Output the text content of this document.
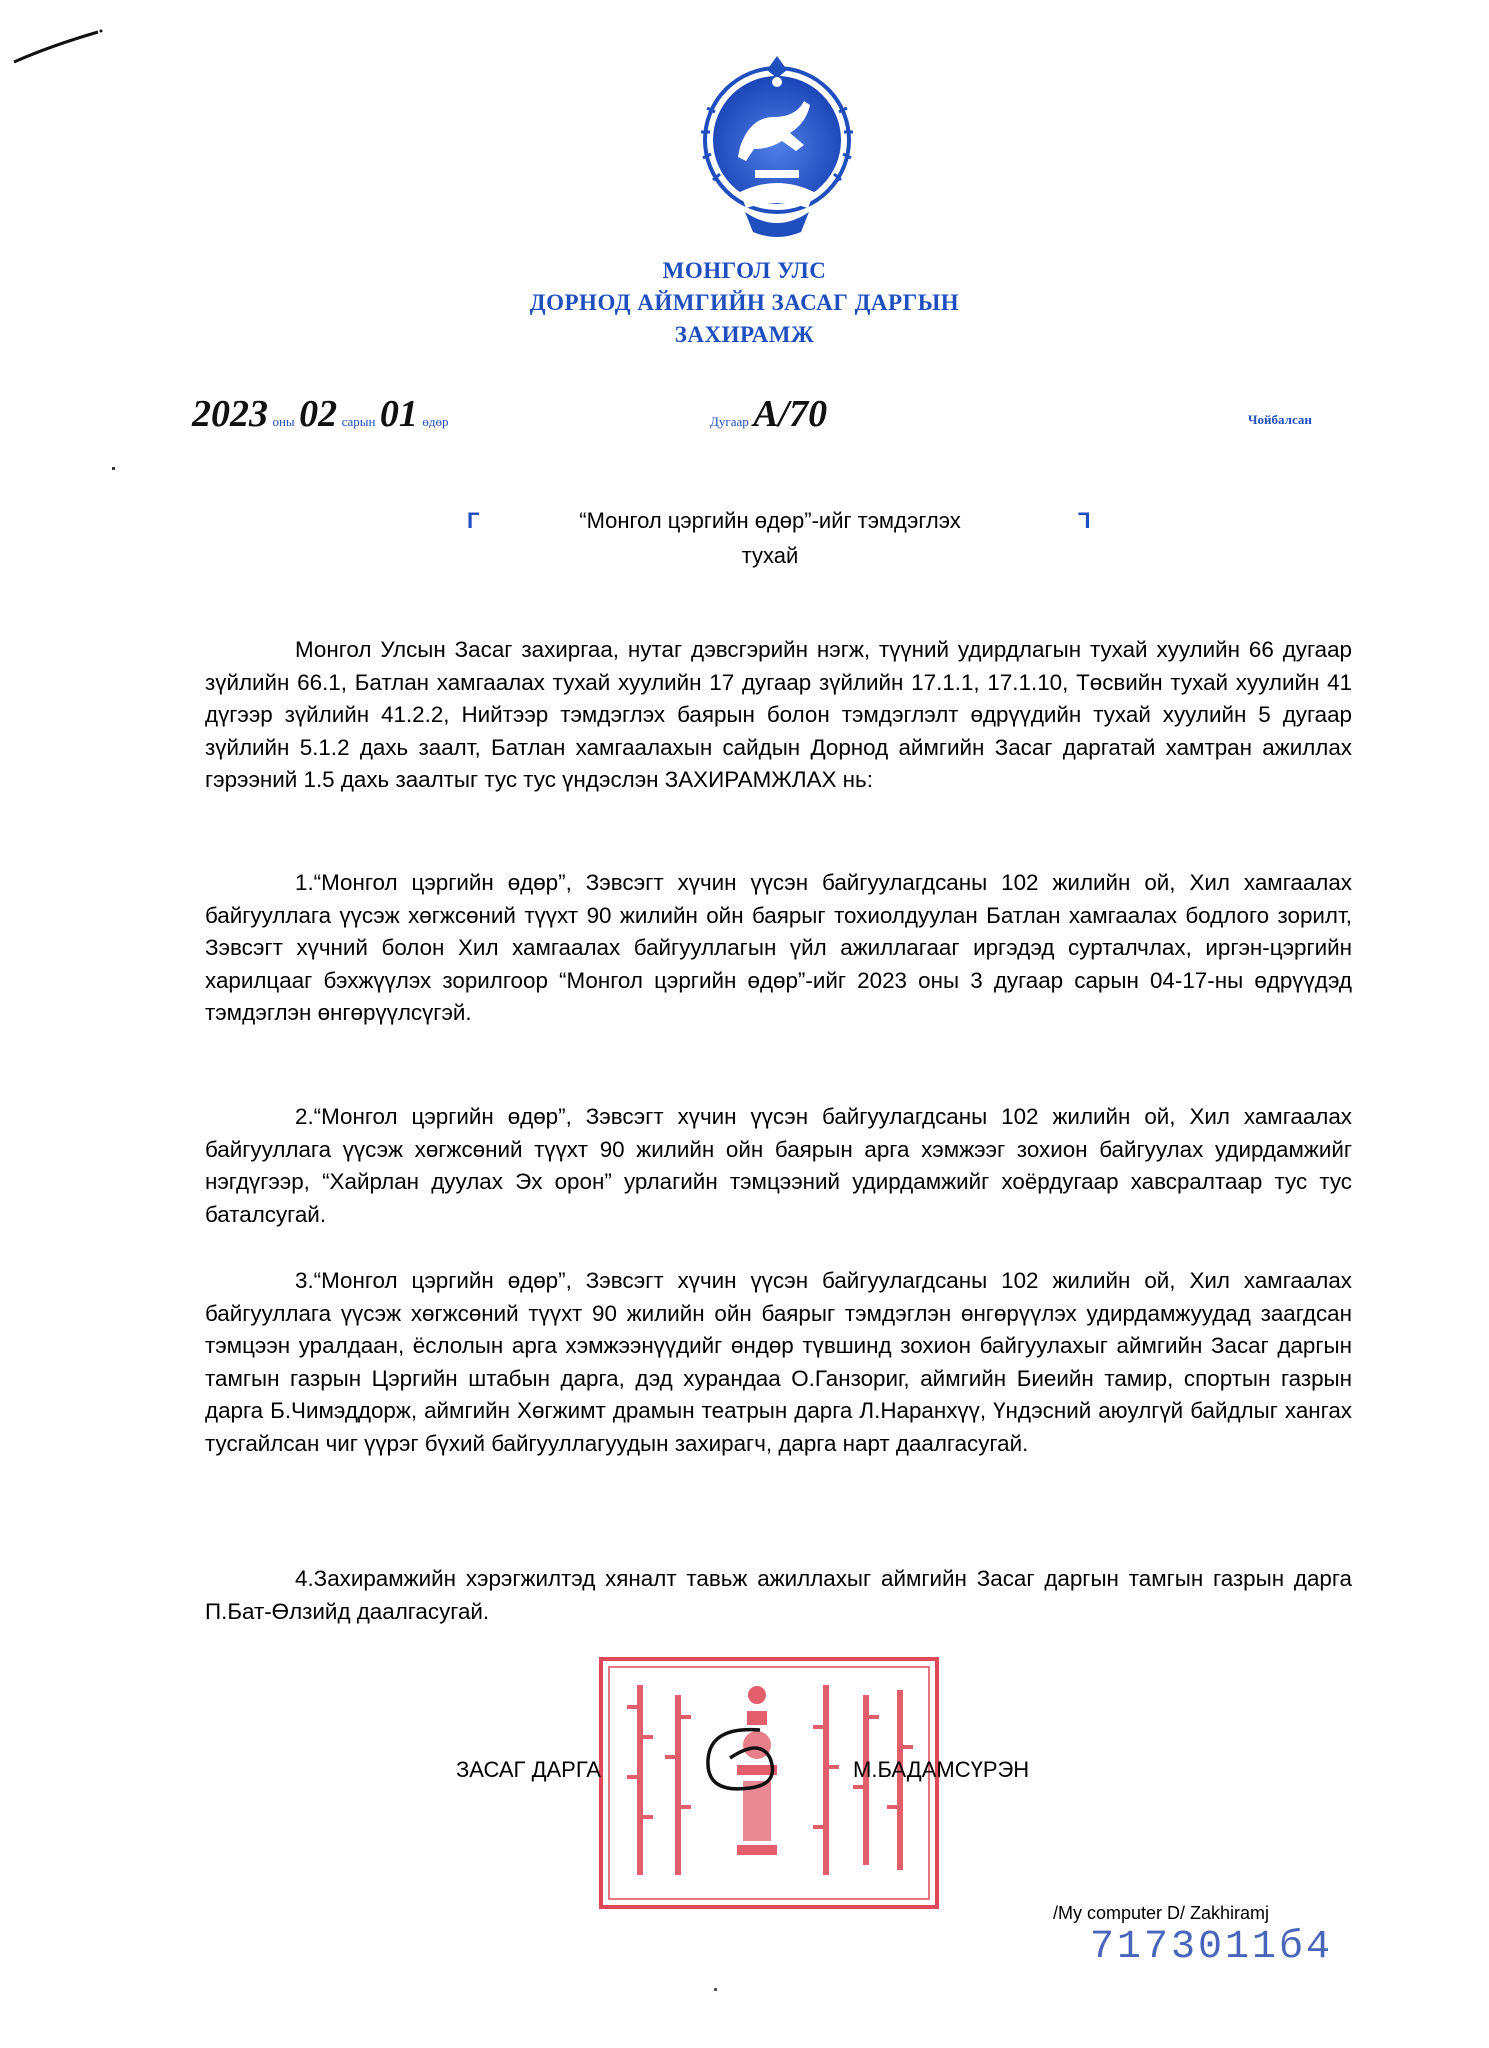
МОНГОЛ УЛС
ДОРНОД АЙМГИЙН ЗАСАГ ДАРГЫН
ЗАХИРАМЖ
2023 оны 02 сарын 01 өдөр	Дугаар А/70	Чойбалсан
Г	Г
“Монгол цэргийн өдөр”-ийг тэмдэглэх
тухай

Монгол Улсын Засаг захиргаа, нутаг дэвсгэрийн нэгж, түүний удирдлагын тухай хуулийн 66 дугаар зүйлийн 66.1, Батлан хамгаалах тухай хуулийн 17 дугаар зүйлийн 17.1.1, 17.1.10, Төсвийн тухай хуулийн 41 дүгээр зүйлийн 41.2.2, Нийтээр тэмдэглэх баярын болон тэмдэглэлт өдрүүдийн тухай хуулийн 5 дугаар зүйлийн 5.1.2 дахь заалт, Батлан хамгаалахын сайдын Дорнод аймгийн Засаг даргатай хамтран ажиллах гэрээний 1.5 дахь заалтыг тус тус үндэслэн ЗАХИРАМЖЛАХ нь:

1.“Монгол цэргийн өдөр”, Зэвсэгт хүчин үүсэн байгуулагдсаны 102 жилийн ой, Хил хамгаалах байгууллага үүсэж хөгжсөний түүхт 90 жилийн ойн баярыг тохиолдуулан Батлан хамгаалах бодлого зорилт, Зэвсэгт хүчний болон Хил хамгаалах байгууллагын үйл ажиллагааг иргэдэд сурталчлах, иргэн-цэргийн харилцааг бэхжүүлэх зорилгоор “Монгол цэргийн өдөр”-ийг 2023 оны 3 дугаар сарын 04-17-ны өдрүүдэд тэмдэглэн өнгөрүүлсүгэй.

2.“Монгол цэргийн өдөр”, Зэвсэгт хүчин үүсэн байгуулагдсаны 102 жилийн ой, Хил хамгаалах байгууллага үүсэж хөгжсөний түүхт 90 жилийн ойн баярын арга хэмжээг зохион байгуулах удирдамжийг нэгдүгээр, “Хайрлан дуулах Эх орон” урлагийн тэмцээний удирдамжийг хоёрдугаар хавсралтаар тус тус баталсугай.

3.“Монгол цэргийн өдөр”, Зэвсэгт хүчин үүсэн байгуулагдсаны 102 жилийн ой, Хил хамгаалах байгууллага үүсэж хөгжсөний түүхт 90 жилийн ойн баярыг тэмдэглэн өнгөрүүлэх удирдамжуудад заагдсан тэмцээн уралдаан, ёслолын арга хэмжээнүүдийг өндөр түвшинд зохион байгуулахыг аймгийн Засаг даргын тамгын газрын Цэргийн штабын дарга, дэд хурандаа О.Ганзориг, аймгийн Биеийн тамир, спортын газрын дарга Б.Чимэддорж, аймгийн Хөгжимт драмын театрын дарга Л.Наранхүү, Үндэсний аюулгүй байдлыг хангах тусгайлсан чиг үүрэг бүхий байгууллагуудын захирагч, дарга нарт даалгасугай.

4.Захирамжийн хэрэгжилтэд хяналт тавьж ажиллахыг аймгийн Засаг даргын тамгын газрын дарга П.Бат-Өлзийд даалгасугай.

ЗАСАГ ДАРГА	М.БАДАМСҮРЭН
/My computer D/ Zakhiramj
7173011б4
